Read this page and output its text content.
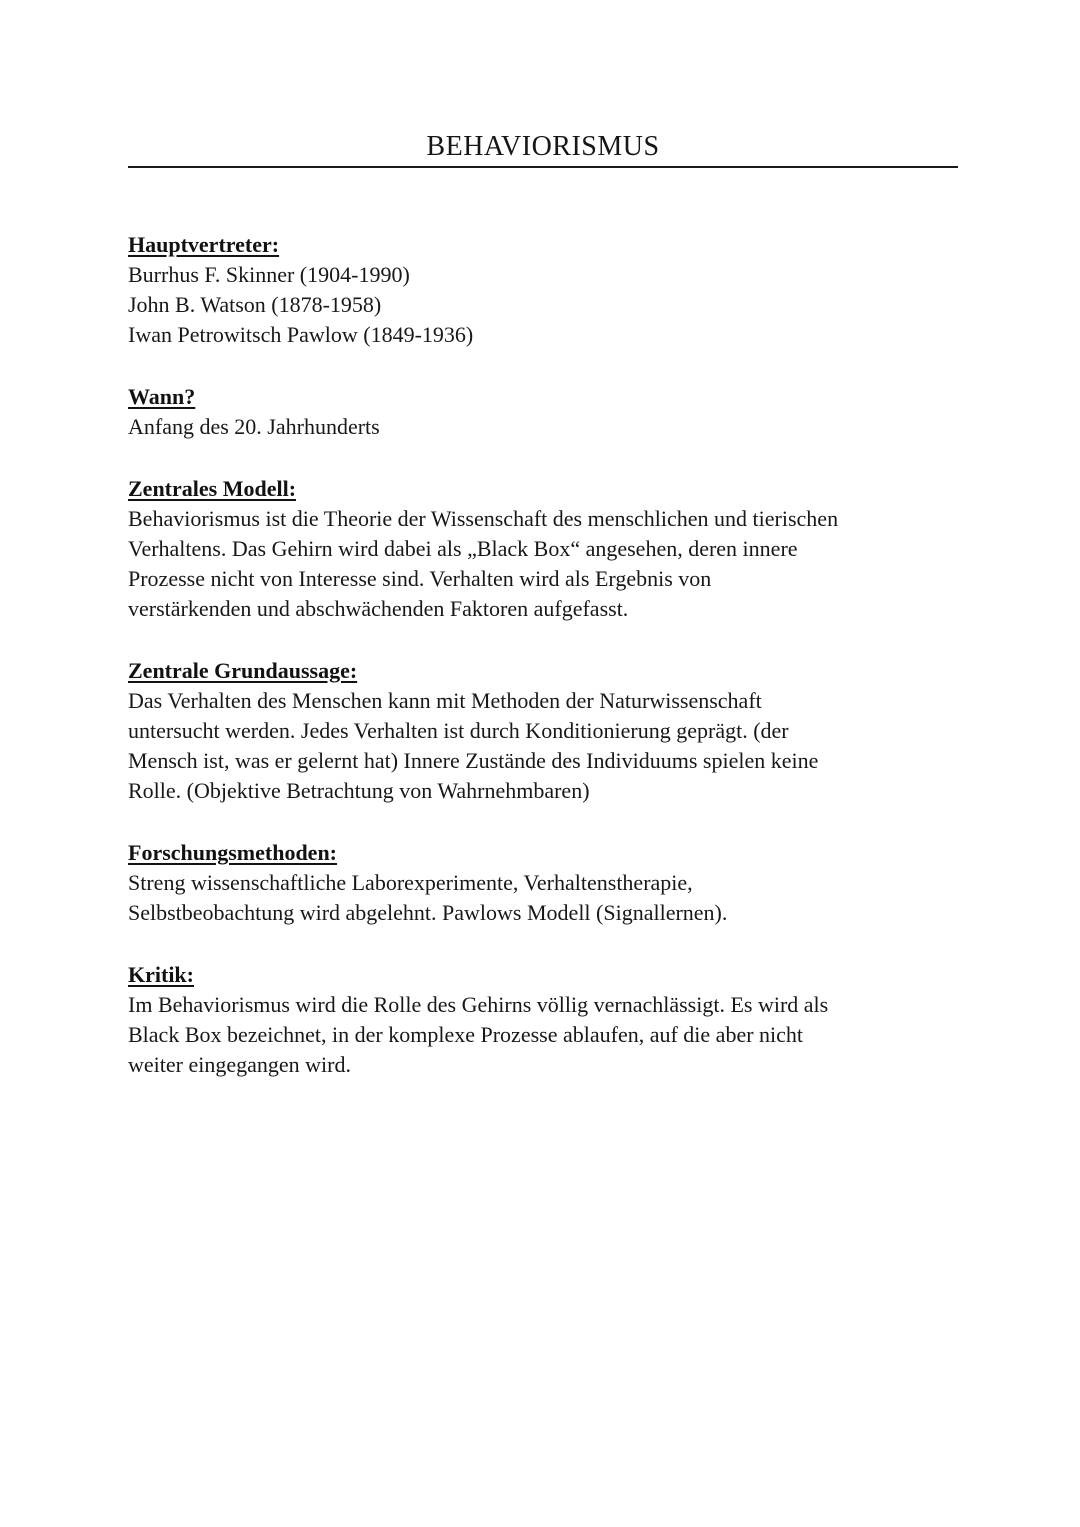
BEHAVIORISMUS
Hauptvertreter:
Burrhus F. Skinner (1904-1990)
John B. Watson (1878-1958)
Iwan Petrowitsch Pawlow (1849-1936)
Wann?
Anfang des 20. Jahrhunderts
Zentrales Modell:
Behaviorismus ist die Theorie der Wissenschaft des menschlichen und tierischen
Verhaltens. Das Gehirn wird dabei als „Black Box“ angesehen, deren innere
Prozesse nicht von Interesse sind. Verhalten wird als Ergebnis von
verstärkenden und abschwächenden Faktoren aufgefasst.
Zentrale Grundaussage:
Das Verhalten des Menschen kann mit Methoden der Naturwissenschaft
untersucht werden. Jedes Verhalten ist durch Konditionierung geprägt. (der
Mensch ist, was er gelernt hat) Innere Zustände des Individuums spielen keine
Rolle. (Objektive Betrachtung von Wahrnehmbaren)
Forschungsmethoden:
Streng wissenschaftliche Laborexperimente, Verhaltenstherapie,
Selbstbeobachtung wird abgelehnt. Pawlows Modell (Signallernen).
Kritik:
Im Behaviorismus wird die Rolle des Gehirns völlig vernachlässigt. Es wird als
Black Box bezeichnet, in der komplexe Prozesse ablaufen, auf die aber nicht
weiter eingegangen wird.
